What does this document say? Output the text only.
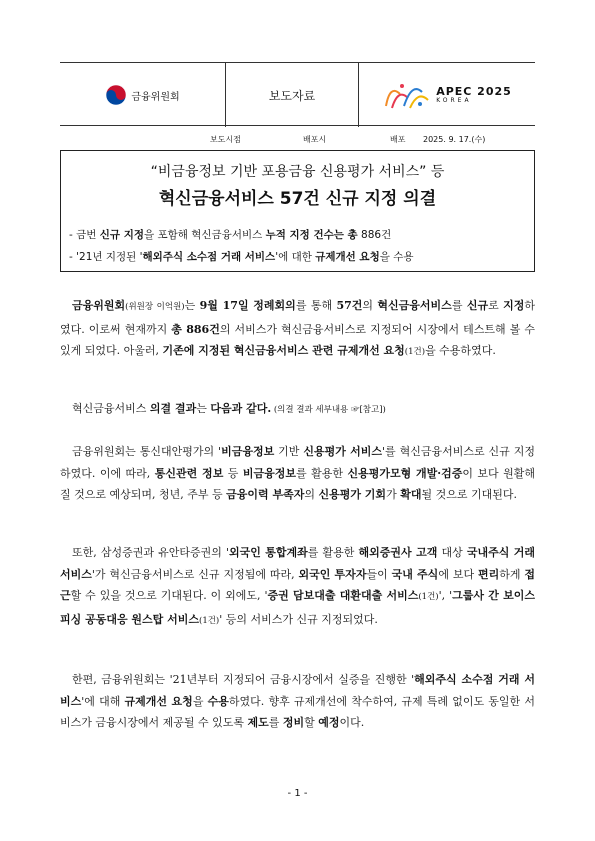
금융위원회	보도자료	APEC 2025
KOREA
보도시점	배포시	배포 2025. 9. 17.(수)
“비금융정보 기반 포용금융 신용평가 서비스” 등
혁신금융서비스 57건 신규 지정 의결
- 금번 신규 지정을 포함해 혁신금융서비스 누적 지정 건수는 총 886건
- '21년 지정된 '해외주식 소수점 거래 서비스'에 대한 규제개선 요청을 수용
금융위원회(위원장 이억원)는 9월 17일 정례회의를 통해 57건의 혁신금융서비스를 신규로 지정하였다. 이로써 현재까지 총 886건의 서비스가 혁신금융서비스로 지정되어 시장에서 테스트해 볼 수 있게 되었다. 아울러, 기존에 지정된 혁신금융서비스 관련 규제개선 요청(1건)을 수용하였다.
혁신금융서비스 의결 결과는 다음과 같다. (의결 결과 세부내용 ☞[참고])
금융위원회는 통신대안평가의 '비금융정보 기반 신용평가 서비스'를 혁신금융서비스로 신규 지정하였다. 이에 따라, 통신관련 정보 등 비금융정보를 활용한 신용평가모형 개발·검증이 보다 원활해질 것으로 예상되며, 청년, 주부 등 금융이력 부족자의 신용평가 기회가 확대될 것으로 기대된다.
또한, 삼성증권과 유안타증권의 '외국인 통합계좌를 활용한 해외증권사 고객 대상 국내주식 거래서비스'가 혁신금융서비스로 신규 지정됨에 따라, 외국인 투자자들이 국내 주식에 보다 편리하게 접근할 수 있을 것으로 기대된다. 이 외에도, '증권 담보대출 대환대출 서비스(1건)', '그룹사 간 보이스피싱 공동대응 원스탑 서비스(1건)' 등의 서비스가 신규 지정되었다.
한편, 금융위원회는 '21년부터 지정되어 금융시장에서 실증을 진행한 '해외주식 소수점 거래 서비스'에 대해 규제개선 요청을 수용하였다. 향후 규제개선에 착수하여, 규제 특례 없이도 동일한 서비스가 금융시장에서 제공될 수 있도록 제도를 정비할 예정이다.
- 1 -
